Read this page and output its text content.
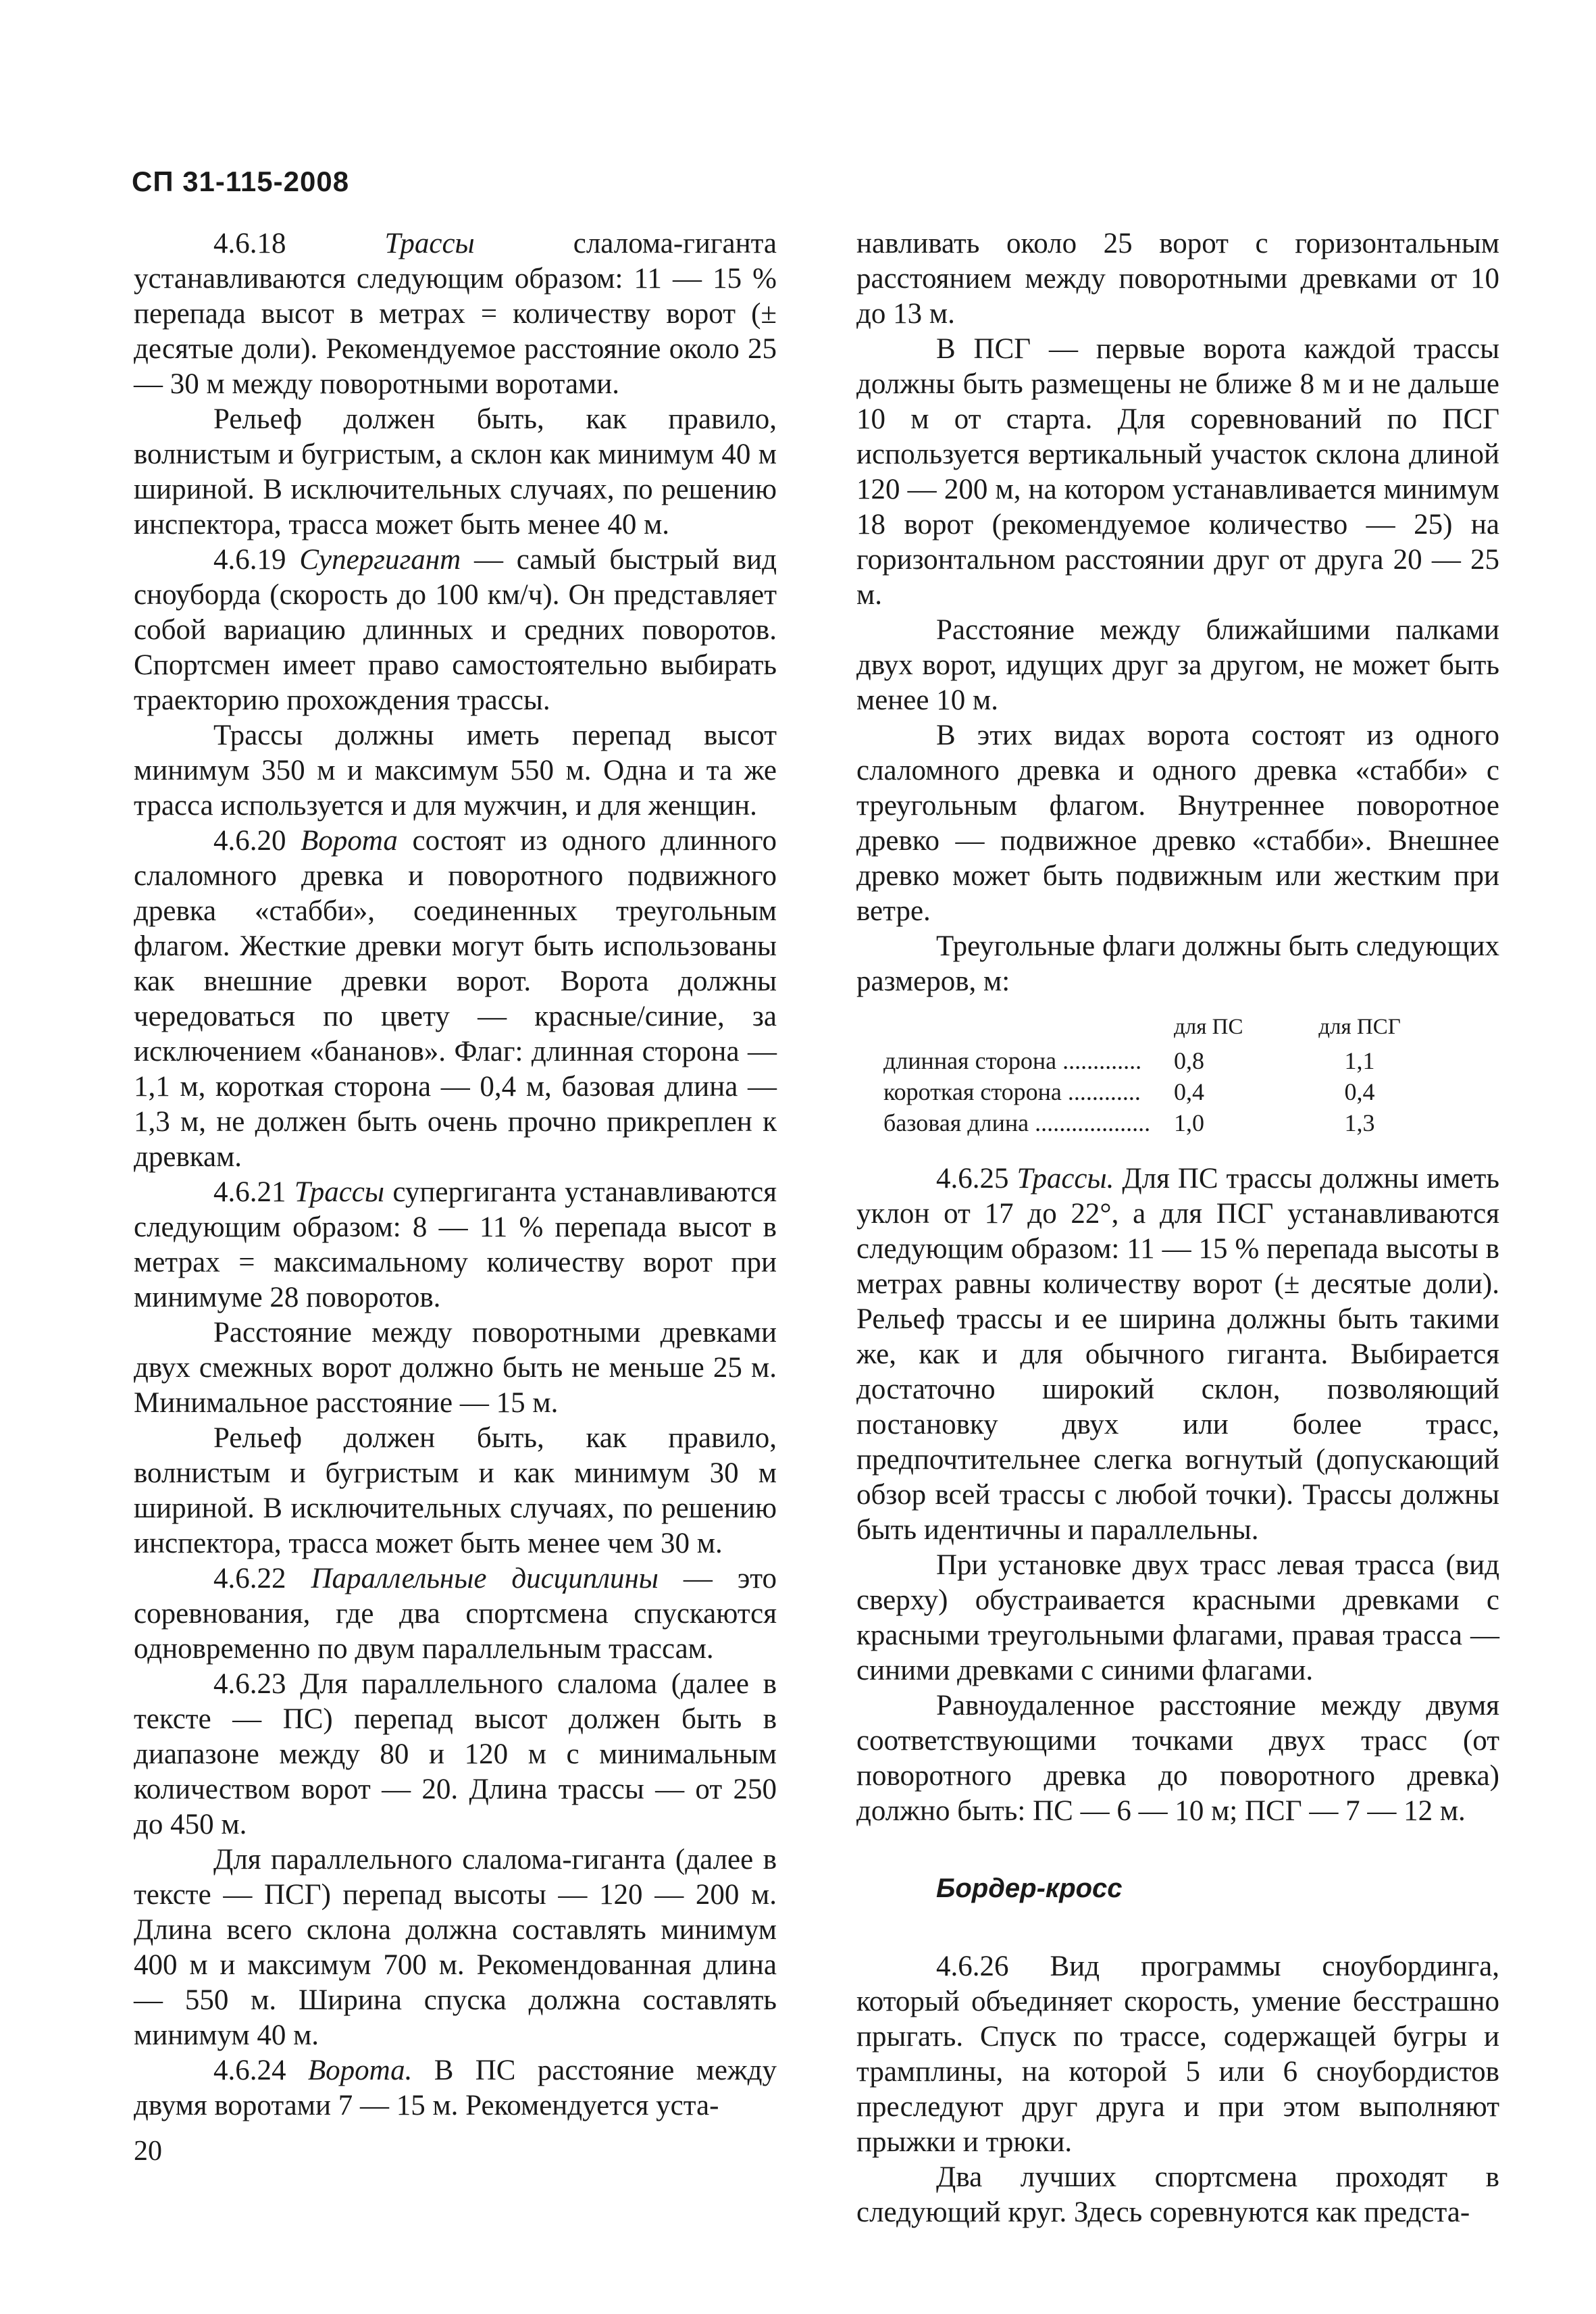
СП 31-115-2008

4.6.18	Трассы	слалома-гиганта устанавливаются следующим образом: 11 — 15 % перепада высот в метрах = количеству ворот (± десятые доли). Рекомендуемое расстояние около 25 — 30 м между поворотными воротами.

Рельеф должен быть, как правило, волнистым и бугристым, а склон как минимум 40 м шириной. В исключительных случаях, по решению инспектора, трасса может быть менее 40 м.

4.6.19 Супергигант — самый быстрый вид сноуборда (скорость до 100 км/ч). Он представляет собой вариацию длинных и средних поворотов. Спортсмен имеет право самостоятельно выбирать траекторию прохождения трассы.

Трассы должны иметь перепад высот минимум 350 м и максимум 550 м. Одна и та же трасса используется и для мужчин, и для женщин.

4.6.20 Ворота состоят из одного длинного слаломного древка и поворотного подвижного древка «стабби», соединенных треугольным флагом. Жесткие древки могут быть использованы как внешние древки ворот. Ворота должны чередоваться по цвету — красные/синие, за исключением «бананов». Флаг: длинная сторона — 1,1 м, короткая сторона — 0,4 м, базовая длина — 1,3 м, не должен быть очень прочно прикреплен к древкам.

4.6.21 Трассы супергиганта устанавливаются следующим образом: 8 — 11 % перепада высот в метрах = максимальному количеству ворот при минимуме 28 поворотов.

Расстояние между поворотными древками двух смежных ворот должно быть не меньше 25 м. Минимальное расстояние — 15 м.

Рельеф должен быть, как правило, волнистым и бугристым и как минимум 30 м шириной. В исключительных случаях, по решению инспектора, трасса может быть менее чем 30 м.

4.6.22 Параллельные дисциплины — это соревнования, где два спортсмена спускаются одновременно по двум параллельным трассам.

4.6.23 Для параллельного слалома (далее в тексте — ПС) перепад высот должен быть в диапазоне между 80 и 120 м с минимальным количеством ворот — 20. Длина трассы — от 250 до 450 м.

Для параллельного слалома-гиганта (далее в тексте — ПСГ) перепад высоты — 120 — 200 м. Длина всего склона должна составлять минимум 400 м и максимум 700 м. Рекомендованная длина — 550 м. Ширина спуска должна составлять минимум 40 м.

4.6.24 Ворота. В ПС расстояние между двумя воротами 7 — 15 м. Рекомендуется уста-

навливать около 25 ворот с горизонтальным расстоянием между поворотными древками от 10 до 13 м.

В ПСГ — первые ворота каждой трассы должны быть размещены не ближе 8 м и не дальше 10 м от старта. Для соревнований по ПСГ используется вертикальный участок склона длиной 120 — 200 м, на котором устанавливается минимум 18 ворот (рекомендуемое количество — 25) на горизонтальном расстоянии друг от друга 20 — 25 м.

Расстояние между ближайшими палками двух ворот, идущих друг за другом, не может быть менее 10 м.

В этих видах ворота состоят из одного слаломного древка и одного древка «стабби» с треугольным флагом. Внутреннее поворотное древко — подвижное древко «стабби». Внешнее древко может быть подвижным или жестким при ветре.

Треугольные флаги должны быть следующих размеров, м:

	для ПС	для ПСГ
длинная сторона .............	0,8	1,1
короткая сторона ............	0,4	0,4
базовая длина ...................	1,0	1,3

4.6.25 Трассы. Для ПС трассы должны иметь уклон от 17 до 22°, а для ПСГ устанавливаются следующим образом: 11 — 15 % перепада высоты в метрах равны количеству ворот (± десятые доли). Рельеф трассы и ее ширина должны быть такими же, как и для обычного гиганта. Выбирается достаточно широкий склон, позволяющий постановку двух или более трасс, предпочтительнее слегка вогнутый (допускающий обзор всей трассы с любой точки). Трассы должны быть идентичны и параллельны.

При установке двух трасс левая трасса (вид сверху) обустраивается красными древками с красными треугольными флагами, правая трасса — синими древками с синими флагами.

Равноудаленное расстояние между двумя соответствующими точками двух трасс (от поворотного древка до поворотного древка) должно быть: ПС — 6 — 10 м; ПСГ — 7 — 12 м.

Бордер-кросс

4.6.26 Вид программы сноубординга, который объединяет скорость, умение бесстрашно прыгать. Спуск по трассе, содержащей бугры и трамплины, на которой 5 или 6 сноубордистов преследуют друг друга и при этом выполняют прыжки и трюки.

Два лучших спортсмена проходят в следующий круг. Здесь соревнуются как предста-

20
